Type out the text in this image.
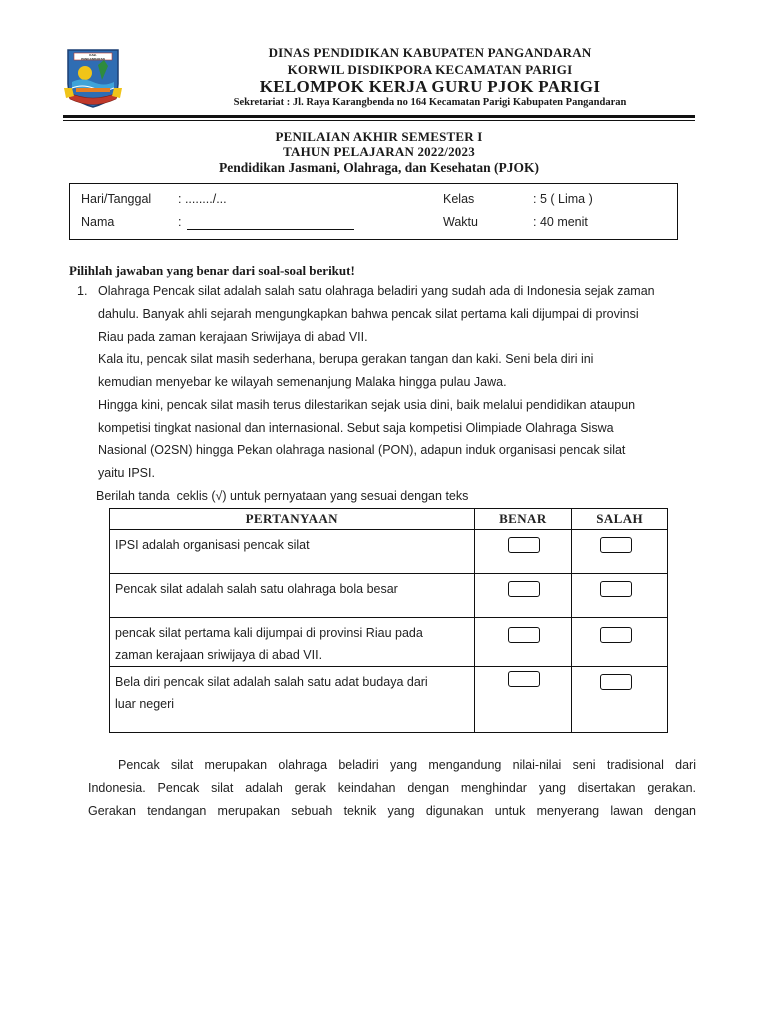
KAB. PANGANDARAN	DINAS PENDIDIKAN KABUPATEN PANGANDARAN
KORWIL DISDIKPORA KECAMATAN PARIGI
KELOMPOK KERJA GURU PJOK PARIGI
Sekretariat : Jl. Raya Karangbenda no 164 Kecamatan Parigi Kabupaten Pangandaran
PENILAIAN AKHIR SEMESTER I
TAHUN PELAJARAN 2022/2023
Pendidikan Jasmani, Olahraga, dan Kesehatan (PJOK)
Hari/Tanggal : ......../...
Nama	:
Kelas	: 5 ( Lima )
Waktu	: 40 menit
Pilihlah jawaban yang benar dari soal-soal berikut!
1. Olahraga Pencak silat adalah salah satu olahraga beladiri yang sudah ada di Indonesia sejak zaman
dahulu. Banyak ahli sejarah mengungkapkan bahwa pencak silat pertama kali dijumpai di provinsi
Riau pada zaman kerajaan Sriwijaya di abad VII.
Kala itu, pencak silat masih sederhana, berupa gerakan tangan dan kaki. Seni bela diri ini
kemudian menyebar ke wilayah semenanjung Malaka hingga pulau Jawa.
Hingga kini, pencak silat masih terus dilestarikan sejak usia dini, baik melalui pendidikan ataupun
kompetisi tingkat nasional dan internasional. Sebut saja kompetisi Olimpiade Olahraga Siswa
Nasional (O2SN) hingga Pekan olahraga nasional (PON), adapun induk organisasi pencak silat
yaitu IPSI.
Berilah tanda  ceklis (√) untuk pernyataan yang sesuai dengan teks
PERTANYAAN	BENAR	SALAH
IPSI adalah organisasi pencak silat	

Pencak silat adalah salah satu olahraga bola besar	

pencak silat pertama kali dijumpai di provinsi Riau pada
zaman kerajaan sriwijaya di abad VII.	

Bela diri pencak silat adalah salah satu adat budaya dari
luar negeri	

Pencak silat merupakan olahraga beladiri yang mengandung nilai-nilai seni tradisional dari
Indonesia. Pencak silat adalah gerak keindahan dengan menghindar yang disertakan gerakan.
Gerakan tendangan merupakan sebuah teknik yang digunakan untuk menyerang lawan dengan
